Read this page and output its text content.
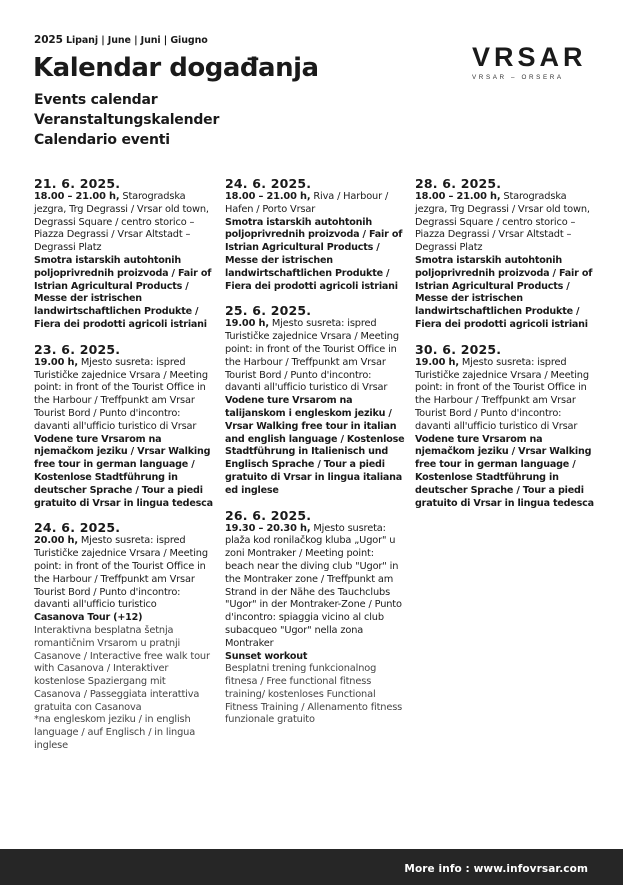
2025 Lipanj | June | Juni | Giugno
VRSAR
VRSAR – ORSERA
Kalendar događanja
Events calendar
Veranstaltungskalender
Calendario eventi
21. 6. 2025.
18.00 – 21.00 h, Starogradska jezgra, Trg Degrassi / Vrsar old town, Degrassi Square / centro storico – Piazza Degrassi / Vrsar Altstadt – Degrassi Platz
Smotra istarskih autohtonih poljoprivrednih proizvoda / Fair of Istrian Agricultural Products / Messe der istrischen landwirtschaftlichen Produkte / Fiera dei prodotti agricoli istriani
23. 6. 2025.
19.00 h, Mjesto susreta: ispred Turističke zajednice Vrsara / Meeting point: in front of the Tourist Office in the Harbour / Treffpunkt am Vrsar Tourist Bord / Punto d'incontro: davanti all'ufficio turistico di Vrsar
Vodene ture Vrsarom na njemačkom jeziku / Vrsar Walking free tour in german language / Kostenlose Stadtführung in deutscher Sprache / Tour a piedi gratuito di Vrsar in lingua tedesca
24. 6. 2025.
20.00 h, Mjesto susreta: ispred Turističke zajednice Vrsara / Meeting point: in front of the Tourist Office in the Harbour / Treffpunkt am Vrsar Tourist Bord / Punto d'incontro: davanti all'ufficio turistico
Casanova Tour (+12)
Interaktivna besplatna šetnja romantičnim Vrsarom u pratnji Casanove / Interactive free walk tour with Casanova / Interaktiver kostenlose Spaziergang mit Casanova / Passeggiata interattiva gratuita con Casanova
*na engleskom jeziku / in english language / auf Englisch / in lingua inglese
24. 6. 2025.
18.00 – 21.00 h, Riva / Harbour / Hafen / Porto Vrsar
Smotra istarskih autohtonih poljoprivrednih proizvoda / Fair of Istrian Agricultural Products / Messe der istrischen landwirtschaftlichen Produkte / Fiera dei prodotti agricoli istriani
25. 6. 2025.
19.00 h, Mjesto susreta: ispred Turističke zajednice Vrsara / Meeting point: in front of the Tourist Office in the Harbour / Treffpunkt am Vrsar Tourist Bord / Punto d'incontro: davanti all'ufficio turistico di Vrsar
Vodene ture Vrsarom na talijanskom i engleskom jeziku / Vrsar Walking free tour in italian and english language / Kostenlose Stadtführung in Italienisch und Englisch Sprache / Tour a piedi gratuito di Vrsar in lingua italiana ed inglese
26. 6. 2025.
19.30 – 20.30 h, Mjesto susreta: plaža kod ronilačkog kluba „Ugor" u zoni Montraker / Meeting point: beach near the diving club "Ugor" in the Montraker zone / Treffpunkt am Strand in der Nähe des Tauchclubs "Ugor" in der Montraker-Zone / Punto d'incontro: spiaggia vicino al club subacqueo "Ugor" nella zona Montraker
Sunset workout
Besplatni trening funkcionalnog fitnesa / Free functional fitness training/ kostenloses Functional Fitness Training / Allenamento fitness funzionale gratuito
28. 6. 2025.
18.00 – 21.00 h, Starogradska jezgra, Trg Degrassi / Vrsar old town, Degrassi Square / centro storico – Piazza Degrassi / Vrsar Altstadt – Degrassi Platz
Smotra istarskih autohtonih poljoprivrednih proizvoda / Fair of Istrian Agricultural Products / Messe der istrischen landwirtschaftlichen Produkte / Fiera dei prodotti agricoli istriani
30. 6. 2025.
19.00 h, Mjesto susreta: ispred Turističke zajednice Vrsara / Meeting point: in front of the Tourist Office in the Harbour / Treffpunkt am Vrsar Tourist Bord / Punto d'incontro: davanti all'ufficio turistico di Vrsar
Vodene ture Vrsarom na njemačkom jeziku / Vrsar Walking free tour in german language / Kostenlose Stadtführung in deutscher Sprache / Tour a piedi gratuito di Vrsar in lingua tedesca
More info : www.infovrsar.com
